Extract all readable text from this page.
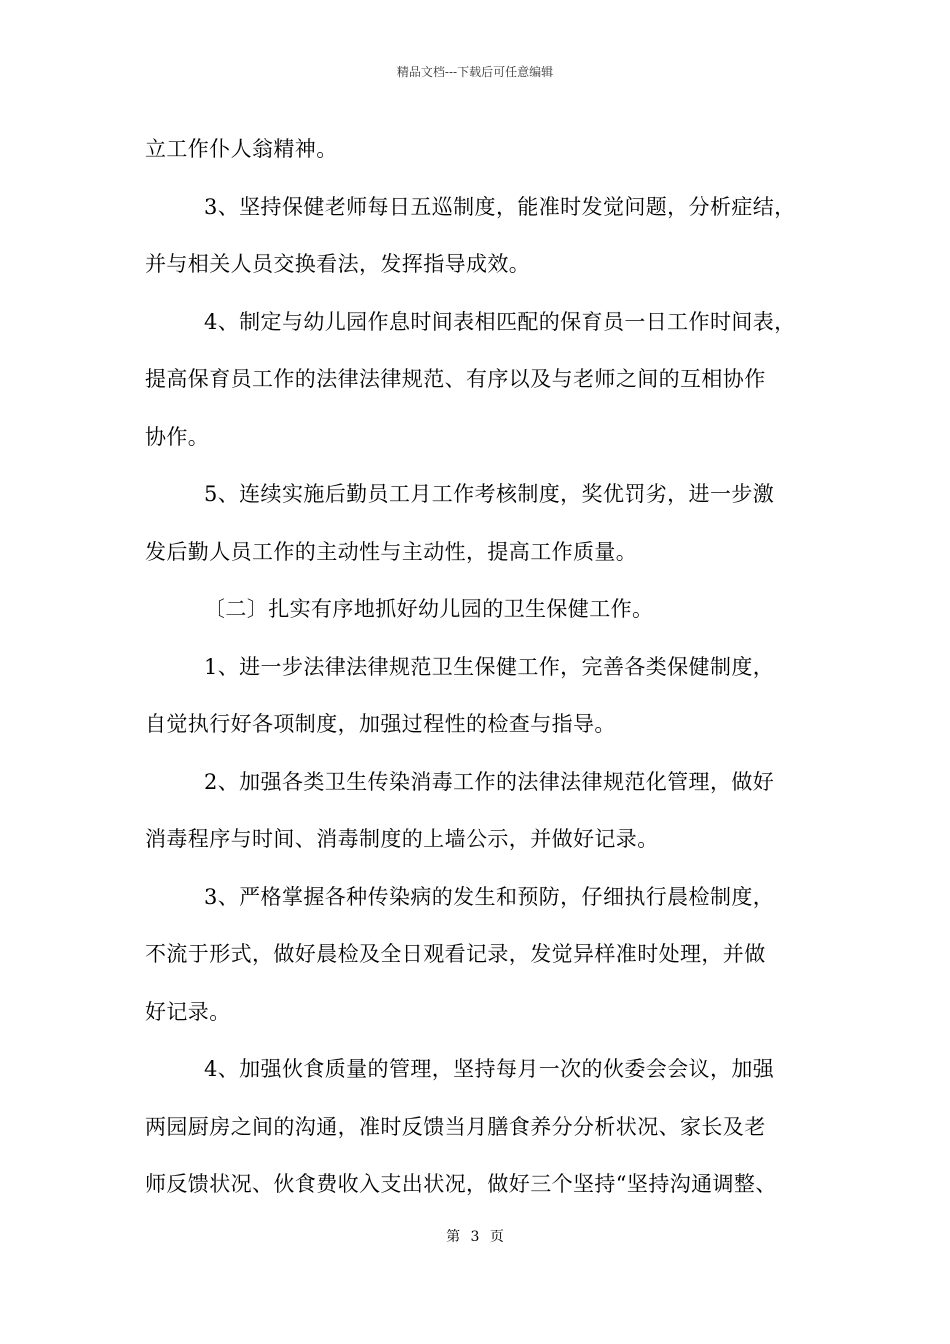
精品文档---下载后可任意编辑
立工作仆人翁精神。
3、坚持保健老师每日五巡制度，能准时发觉问题，分析症结，
并与相关人员交换看法，发挥指导成效。
4、制定与幼儿园作息时间表相匹配的保育员一日工作时间表，
提高保育员工作的法律法律规范、有序以及与老师之间的互相协作
协作。
5、连续实施后勤员工月工作考核制度，奖优罚劣，进一步激
发后勤人员工作的主动性与主动性，提高工作质量。
〔二〕扎实有序地抓好幼儿园的卫生保健工作。
1、进一步法律法律规范卫生保健工作，完善各类保健制度，
自觉执行好各项制度，加强过程性的检查与指导。
2、加强各类卫生传染消毒工作的法律法律规范化管理，做好
消毒程序与时间、消毒制度的上墙公示，并做好记录。
3、严格掌握各种传染病的发生和预防，仔细执行晨检制度，
不流于形式，做好晨检及全日观看记录，发觉异样准时处理，并做
好记录。
4、加强伙食质量的管理，坚持每月一次的伙委会会议，加强
两园厨房之间的沟通，准时反馈当月膳食养分分析状况、家长及老
师反馈状况、伙食费收入支出状况，做好三个坚持“坚持沟通调整、
第 3 页
